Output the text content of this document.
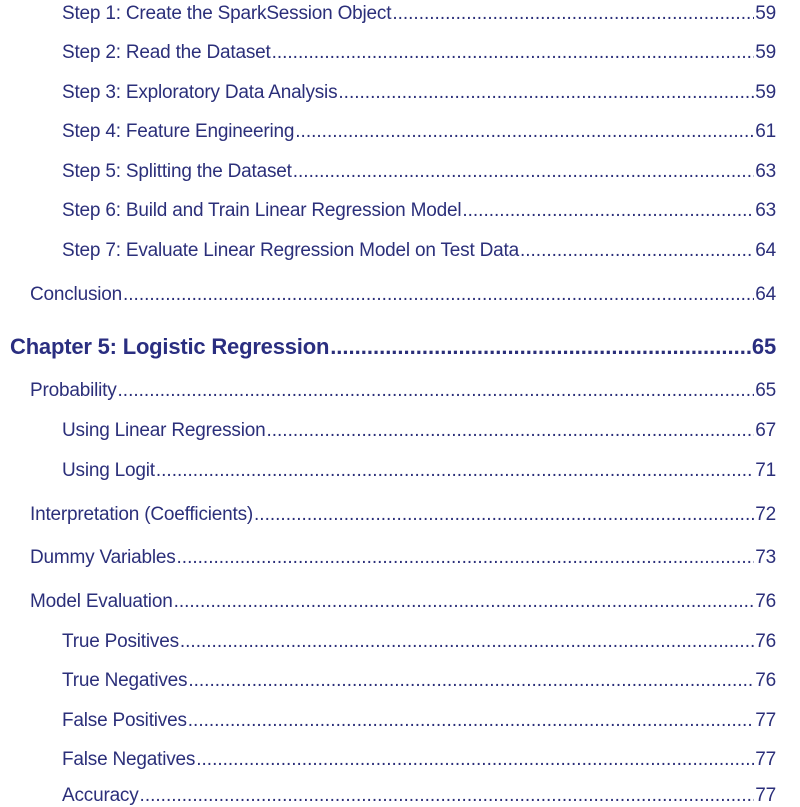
Step 1: Create the SparkSession Object .....	59
Step 2: Read the Dataset .....	59
Step 3: Exploratory Data Analysis .....	59
Step 4: Feature Engineering .....	61
Step 5: Splitting the Dataset .....	63
Step 6: Build and Train Linear Regression Model .....	63
Step 7: Evaluate Linear Regression Model on Test Data .....	64
Conclusion .....	64
Chapter 5: Logistic Regression .....	65
Probability .....	65
Using Linear Regression .....	67
Using Logit .....	71
Interpretation (Coefficients) .....	72
Dummy Variables .....	73
Model Evaluation .....	76
True Positives .....	76
True Negatives .....	76
False Positives .....	77
False Negatives .....	77
Accuracy .....	77
